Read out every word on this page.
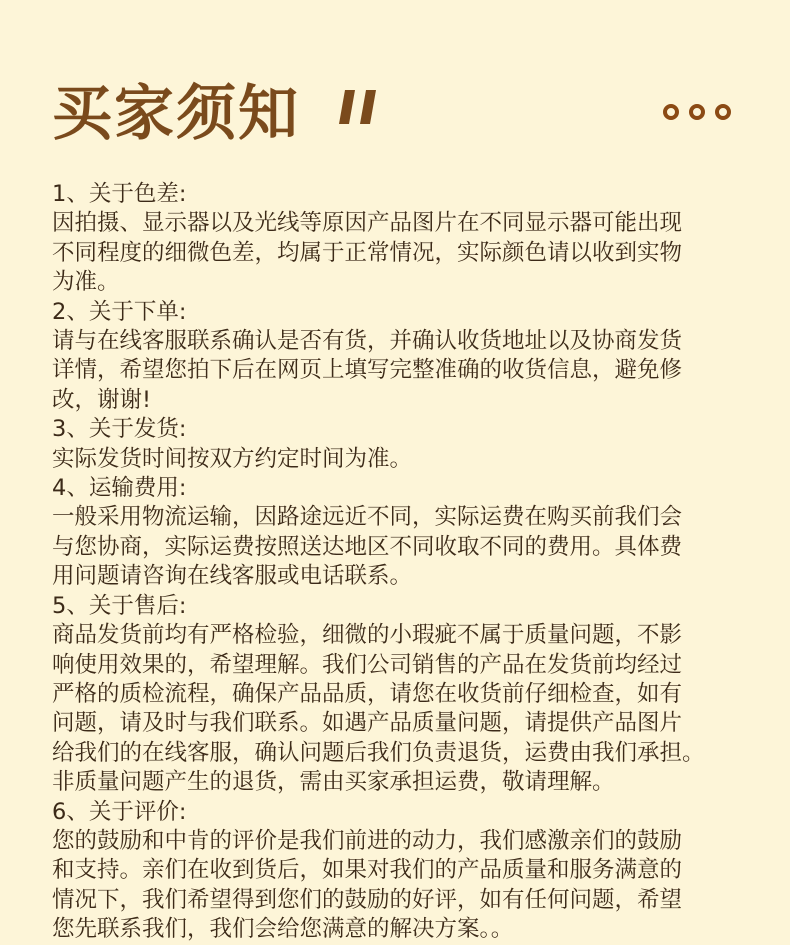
买家须知

1、关于色差:

因拍摄、显示器以及光线等原因产品图片在不同显示器可能出现

不同程度的细微色差，均属于正常情况，实际颜色请以收到实物

为准。

2、关于下单:

请与在线客服联系确认是否有货，并确认收货地址以及协商发货

详情，希望您拍下后在网页上填写完整准确的收货信息，避免修

改，谢谢!

3、关于发货:

实际发货时间按双方约定时间为准。

4、运输费用:

一般采用物流运输，因路途远近不同，实际运费在购买前我们会

与您协商，实际运费按照送达地区不同收取不同的费用。具体费

用问题请咨询在线客服或电话联系。

5、关于售后:

商品发货前均有严格检验，细微的小瑕疵不属于质量问题，不影

响使用效果的，希望理解。我们公司销售的产品在发货前均经过

严格的质检流程，确保产品品质，请您在收货前仔细检查，如有

问题，请及时与我们联系。如遇产品质量问题，请提供产品图片

给我们的在线客服，确认问题后我们负责退货，运费由我们承担。

非质量问题产生的退货，需由买家承担运费，敬请理解。

6、关于评价:

您的鼓励和中肯的评价是我们前进的动力，我们感激亲们的鼓励

和支持。亲们在收到货后，如果对我们的产品质量和服务满意的

情况下，我们希望得到您们的鼓励的好评，如有任何问题，希望

您先联系我们，我们会给您满意的解决方案。。
